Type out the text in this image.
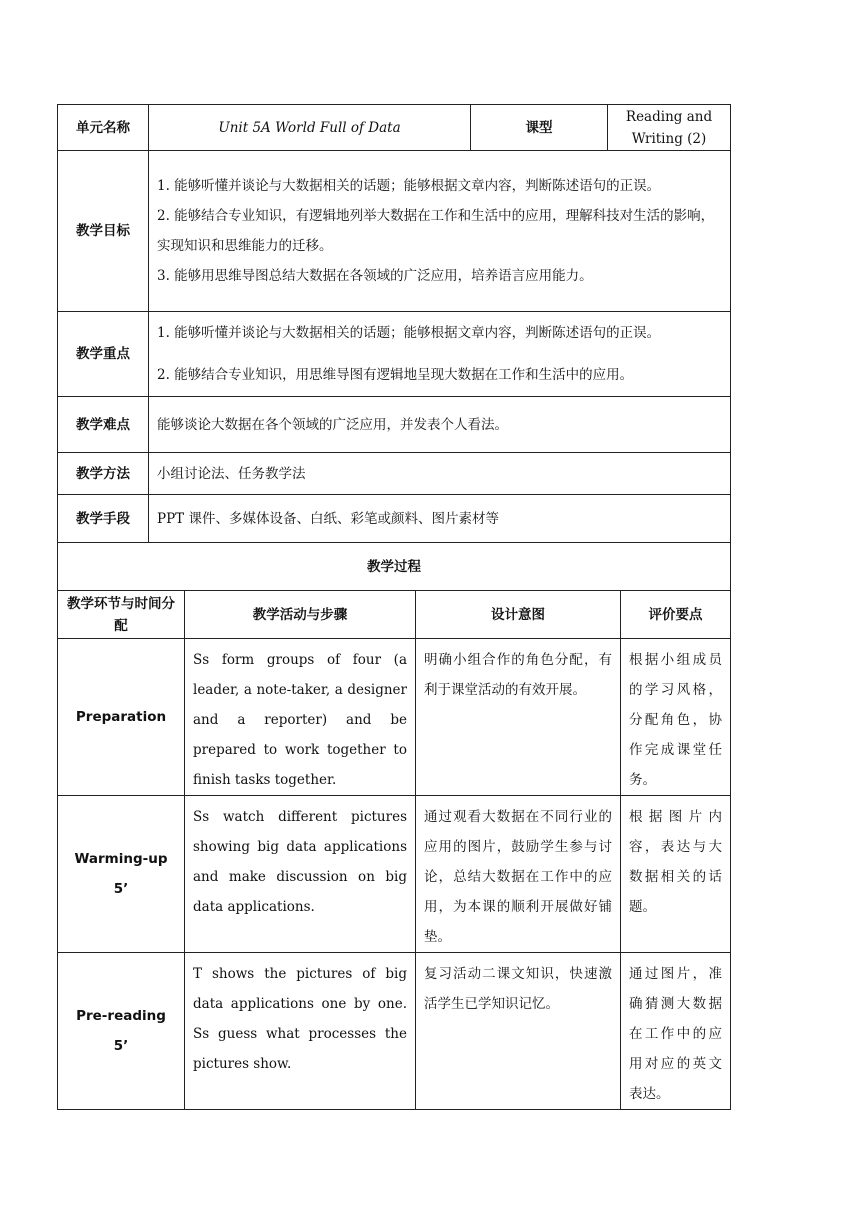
单元名称	Unit 5A World Full of Data	课型	Reading and Writing (2)
教学目标	1. 能够听懂并谈论与大数据相关的话题；能够根据文章内容，判断陈述语句的正误。

2. 能够结合专业知识，有逻辑地列举大数据在工作和生活中的应用，理解科技对生活的影响，实现知识和思维能力的迁移。

3. 能够用思维导图总结大数据在各领域的广泛应用，培养语言应用能力。		

教学重点	1. 能够听懂并谈论与大数据相关的话题；能够根据文章内容，判断陈述语句的正误。

2. 能够结合专业知识，用思维导图有逻辑地呈现大数据在工作和生活中的应用。		

教学难点	能够谈论大数据在各个领域的广泛应用，并发表个人看法。		
教学方法	小组讨论法、任务教学法		
教学手段	PPT 课件、多媒体设备、白纸、彩笔或颜料、图片素材等		
教学过程			
教学环节与时间分配	教学活动与步骤	设计意图	评价要点

Preparation	Ss form groups of four (a leader, a note-taker, a designer and a reporter) and be prepared to work together to finish tasks together.	明确小组合作的角色分配，有利于课堂活动的有效开展。	根据小组成员的学习风格，分配角色，协作完成课堂任务。

Warming-up
5’	Ss watch different pictures showing big data applications and make discussion on big data applications.	通过观看大数据在不同行业的应用的图片，鼓励学生参与讨论，总结大数据在工作中的应用，为本课的顺利开展做好铺垫。	根据图片内容，表达与大数据相关的话题。

Pre-reading
5’	T shows the pictures of big data applications one by one. Ss guess what processes the pictures show.	复习活动二课文知识，快速激活学生已学知识记忆。	通过图片，准确猜测大数据在工作中的应用对应的英文表达。
